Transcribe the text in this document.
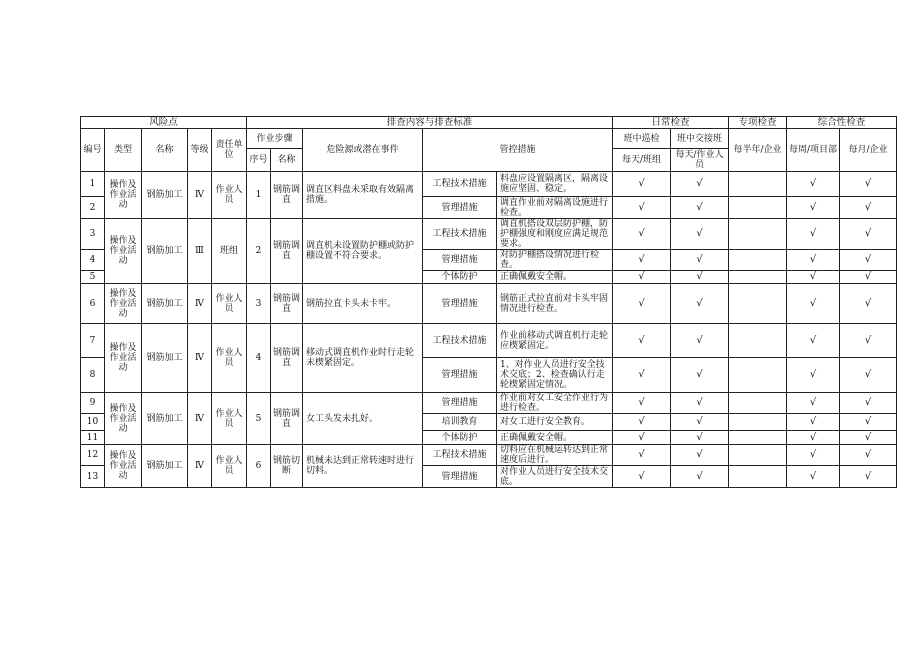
风险点					排查内容与排查标准					日常检查		专项检查	综合性检查	
编号	类型	名称	等级	责任单位	作业步骤		危险源或潜在事件	管控措施		班中巡检	班中交接班	每半年/企业	每周/项目部	每月/企业
					序号	名称				每天/班组	每天/作业人员			
1	操作及作业活动	钢筋加工	Ⅳ	作业人员	1	钢筋调直	调直区料盘未采取有效隔离措施。	工程技术措施	料盘应设置隔离区，隔离设施应坚固、稳定。	√	√		√	√
2								管理措施	调直作业前对隔离设施进行检查。	√	√		√	√
3	操作及作业活动	钢筋加工	Ⅲ	班组	2	钢筋调直	调直机未设置防护棚或防护棚设置不符合要求。	工程技术措施	调直机搭设双层防护棚，防护棚强度和刚度应满足规范要求。	√	√		√	√
4								管理措施	对防护棚搭设情况进行检查。	√	√		√	√
5								个体防护	正确佩戴安全帽。	√	√		√	√
6	操作及作业活动	钢筋加工	Ⅳ	作业人员	3	钢筋调直	钢筋拉直卡头未卡牢。	管理措施	钢筋正式拉直前对卡头牢固情况进行检查。	√	√		√	√
7	操作及作业活动	钢筋加工	Ⅳ	作业人员	4	钢筋调直	移动式调直机作业时行走轮未楔紧固定。	工程技术措施	作业前移动式调直机行走轮应楔紧固定。	√	√		√	√
8								管理措施	1、对作业人员进行安全技术交底；2、检查确认行走轮楔紧固定情况。	√	√		√	√
9	操作及作业活动	钢筋加工	Ⅳ	作业人员	5	钢筋调直	女工头发未扎好。	管理措施	作业前对女工安全作业行为进行检查。	√	√		√	√
10								培训教育	对女工进行安全教育。	√	√		√	√
11								个体防护	正确佩戴安全帽。	√	√		√	√
12	操作及作业活动	钢筋加工	Ⅳ	作业人员	6	钢筋切断	机械未达到正常转速时进行切料。	工程技术措施	切料应在机械运转达到正常速度后进行。	√	√		√	√
13								管理措施	对作业人员进行安全技术交底。	√	√		√	√
